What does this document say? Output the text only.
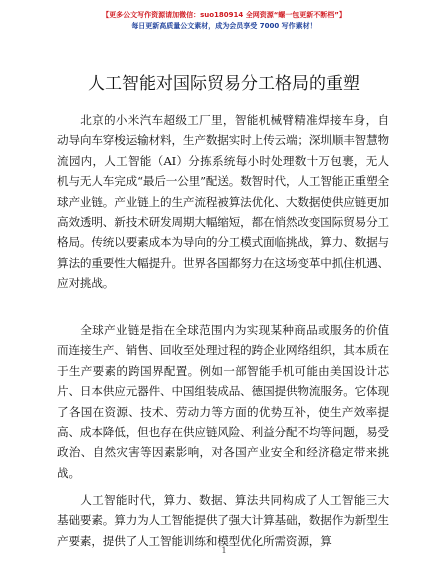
【更多公文写作资源请加微信：suo180914 全网资源“螺一包更新不断档”】
每日更新高质量公文素材，成为会员享受 7000 写作素材！
人工智能对国际贸易分工格局的重塑

北京的小米汽车超级工厂里，智能机械臂精准焊接车身，自动导向车穿梭运输材料，生产数据实时上传云端；深圳顺丰智慧物流园内，人工智能（AI）分拣系统每小时处理数十万包裹，无人机与无人车完成“最后一公里”配送。数智时代，人工智能正重塑全球产业链。产业链上的生产流程被算法优化、大数据使供应链更加高效透明、新技术研发周期大幅缩短，都在悄然改变国际贸易分工格局。传统以要素成本为导向的分工模式面临挑战，算力、数据与算法的重要性大幅提升。世界各国都努力在这场变革中抓住机遇、应对挑战。

全球产业链是指在全球范围内为实现某种商品或服务的价值而连接生产、销售、回收至处理过程的跨企业网络组织，其本质在于生产要素的跨国界配置。例如一部智能手机可能由美国设计芯片、日本供应元器件、中国组装成品、德国提供物流服务。它体现了各国在资源、技术、劳动力等方面的优势互补，使生产效率提高、成本降低，但也存在供应链风险、利益分配不均等问题，易受政治、自然灾害等因素影响，对各国产业安全和经济稳定带来挑战。

人工智能时代，算力、数据、算法共同构成了人工智能三大基础要素。算力为人工智能提供了强大计算基础，数据作为新型生产要素，提供了人工智能训练和模型优化所需资源，算

1
